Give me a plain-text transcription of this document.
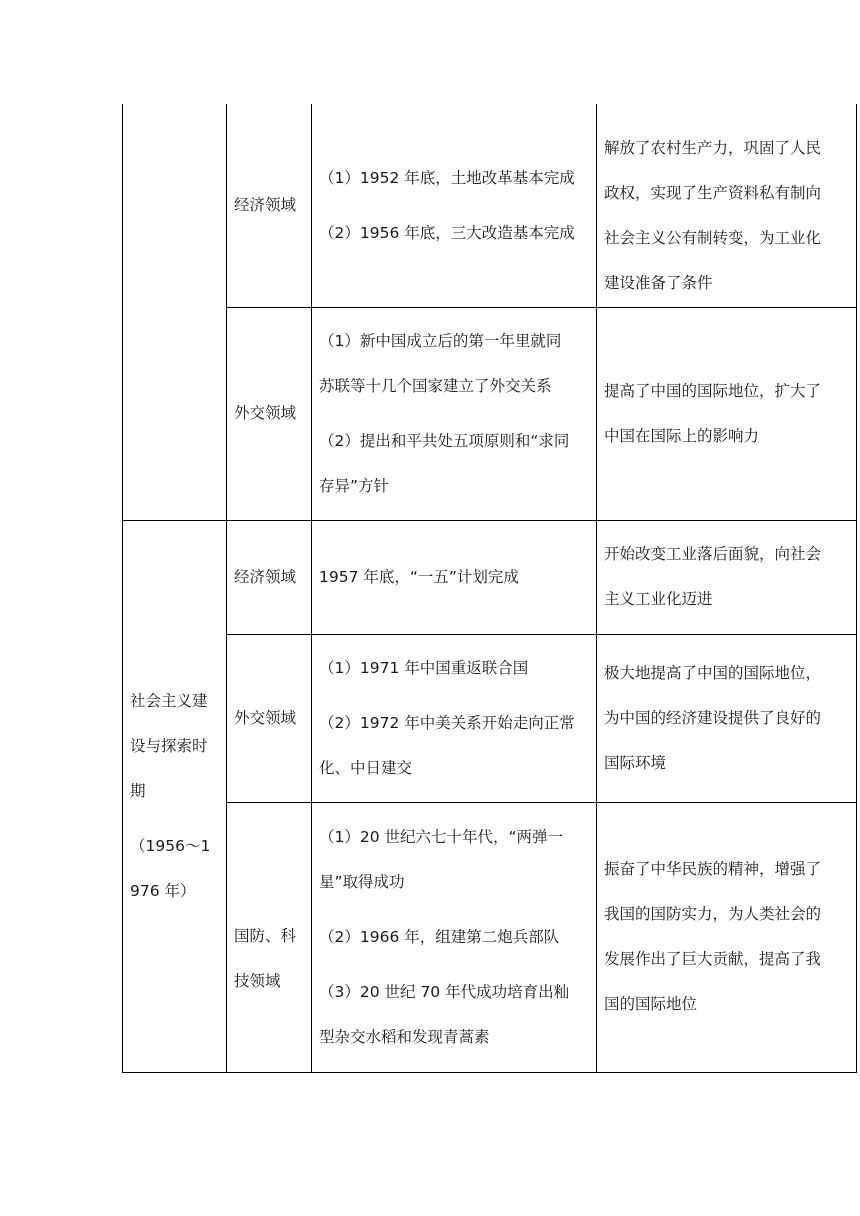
经济领域
（1）1952 年底，土地改革基本完成
（2）1956 年底，三大改造基本完成
解放了农村生产力，巩固了人民
政权，实现了生产资料私有制向
社会主义公有制转变，为工业化
建设准备了条件
外交领域
（1）新中国成立后的第一年里就同
苏联等十几个国家建立了外交关系
（2）提出和平共处五项原则和“求同
存异”方针
提高了中国的国际地位，扩大了
中国在国际上的影响力
社会主义建
设与探索时
期
（1956～1
976 年）
经济领域	1957 年底，“一五”计划完成
开始改变工业落后面貌，向社会
主义工业化迈进
外交领域
（1）1971 年中国重返联合国
（2）1972 年中美关系开始走向正常
化、中日建交
极大地提高了中国的国际地位，
为中国的经济建设提供了良好的
国际环境
国防、科
技领域
（1）20 世纪六七十年代，“两弹一
星”取得成功
（2）1966 年，组建第二炮兵部队
（3）20 世纪 70 年代成功培育出籼
型杂交水稻和发现青蒿素
振奋了中华民族的精神，增强了
我国的国防实力，为人类社会的
发展作出了巨大贡献，提高了我
国的国际地位
